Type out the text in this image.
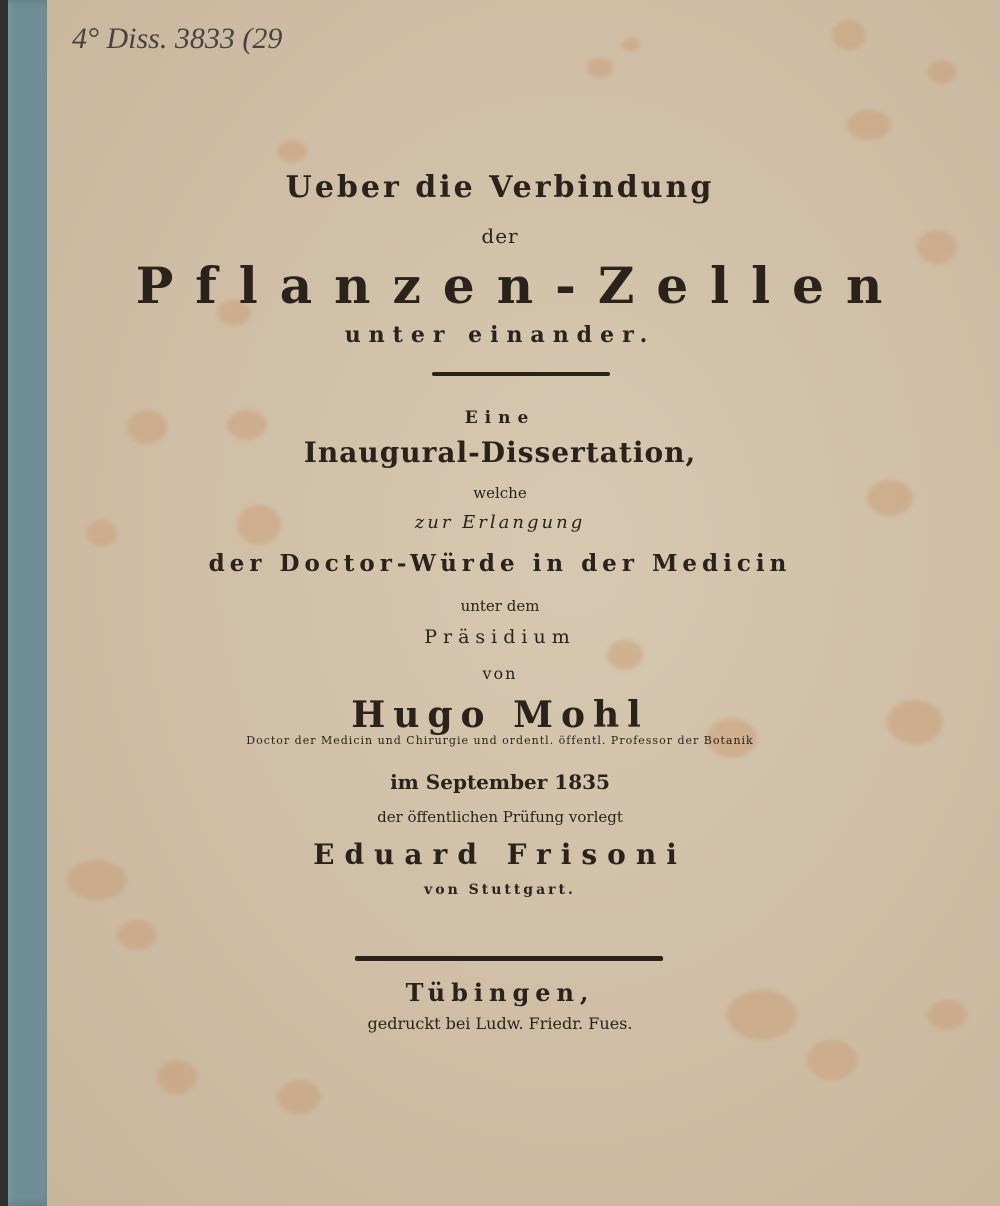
4° Diss. 3833 (29
Ueber die Verbindung
der
Pflanzen-Zellen
unter einander.
Eine
Inaugural-Dissertation,
welche
zur Erlangung
der Doctor-Würde in der Medicin
unter dem
Präsidium
von
Hugo Mohl
Doctor der Medicin und Chirurgie und ordentl. öffentl. Professor der Botanik
im September 1835
der öffentlichen Prüfung vorlegt
Eduard Frisoni
von Stuttgart.
Tübingen,
gedruckt bei Ludw. Friedr. Fues.
